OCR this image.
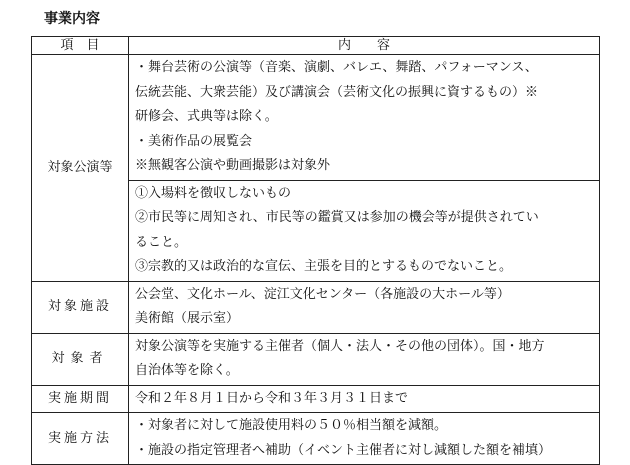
事業内容
項　目	内　　容
対象公演等	・舞台芸術の公演等（音楽、演劇、バレエ、舞踏、パフォーマンス、
伝統芸能、大衆芸能）及び講演会（芸術文化の振興に資するもの）※
研修会、式典等は除く。
・美術作品の展覧会
※無観客公演や動画撮影は対象外

	①入場料を徴収しないもの
②市民等に周知され、市民等の鑑賞又は参加の機会等が提供されてい
ること。
③宗教的又は政治的な宣伝、主張を目的とするものでないこと。

対象施設	公会堂、文化ホール、淀江文化センター（各施設の大ホール等）
美術館（展示室）

対象者	対象公演等を実施する主催者（個人・法人・その他の団体）。国・地方
自治体等を除く。

実施期間	令和２年８月１日から令和３年３月３１日まで

実施方法	・対象者に対して施設使用料の５０％相当額を減額。
・施設の指定管理者へ補助（イベント主催者に対し減額した額を補填）
